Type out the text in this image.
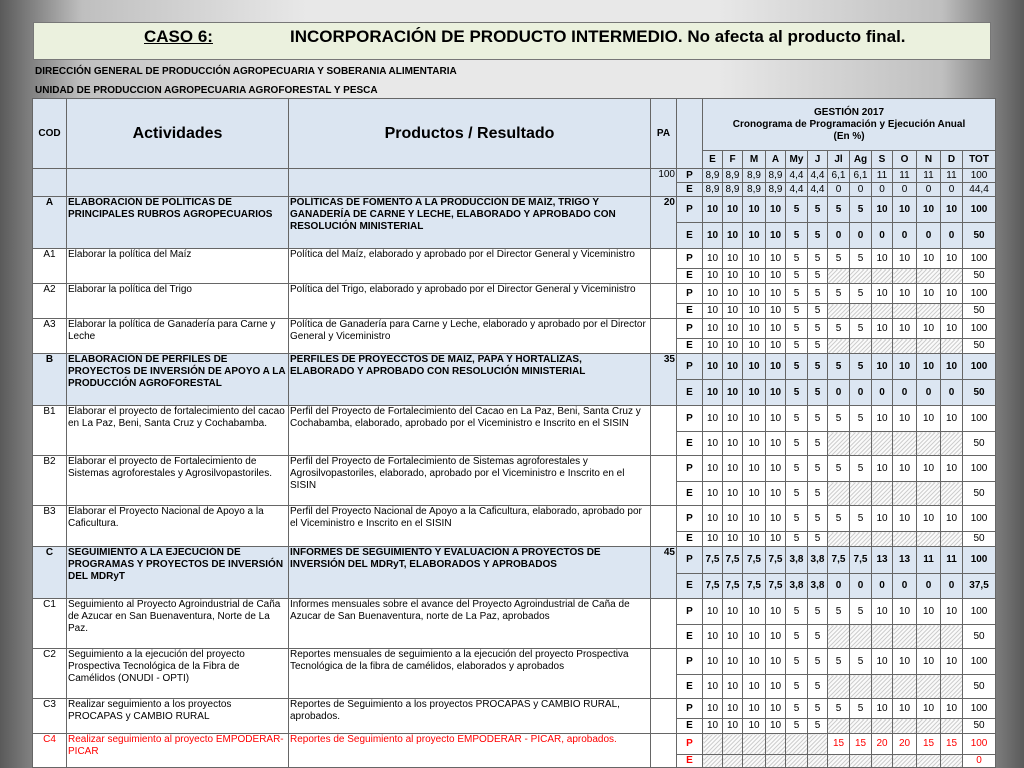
CASO 6:	INCORPORACIÓN DE PRODUCTO INTERMEDIO. No afecta al producto final.
DIRECCIÓN GENERAL DE PRODUCCIÓN AGROPECUARIA Y SOBERANIA ALIMENTARIA
UNIDAD DE PRODUCCION AGROPECUARIA AGROFORESTAL Y PESCA
COD	Actividades	Productos / Resultado	PA		GESTIÓN 2017
Cronograma de Programación y Ejecución Anual
(En %)												

					E	F	M	A	My	J	Jl	Ag	S	O	N	D	TOT
			100	P	8,9	8,9	8,9	8,9	4,4	4,4	6,1	6,1	11	11	11	11	100
				E	8,9	8,9	8,9	8,9	4,4	4,4	0	0	0	0	0	0	44,4
A	ELABORACIÓN DE POLÍTICAS DE PRINCIPALES RUBROS AGROPECUARIOS	POLÍTICAS DE FOMENTO A LA PRODUCCIÓN DE MAÍZ, TRIGO Y GANADERÍA DE CARNE Y LECHE, ELABORADO Y APROBADO CON RESOLUCIÓN MINISTERIAL	20	P	10	10	10	10	5	5	5	5	10	10	10	10	100
				E	10	10	10	10	5	5	0	0	0	0	0	0	50
A1	Elaborar la política del Maíz	Política del Maíz, elaborado y aprobado por el Director General y Viceministro		P	10	10	10	10	5	5	5	5	10	10	10	10	100
				E	10	10	10	10	5	5							50
A2	Elaborar la política del Trigo	Política del Trigo, elaborado y aprobado por el Director General y Viceministro		P	10	10	10	10	5	5	5	5	10	10	10	10	100
				E	10	10	10	10	5	5							50
A3	Elaborar la política de Ganadería para Carne y Leche	Política de Ganadería para Carne y Leche, elaborado y aprobado por el Director General y Viceministro		P	10	10	10	10	5	5	5	5	10	10	10	10	100
				E	10	10	10	10	5	5							50
B	ELABORACIÓN DE PERFILES DE PROYECTOS DE INVERSIÓN DE APOYO A LA PRODUCCIÓN AGROFORESTAL	PERFILES DE PROYECCTOS DE MAÍZ, PAPA Y HORTALIZAS, ELABORADO Y APROBADO CON RESOLUCIÓN MINISTERIAL	35	P	10	10	10	10	5	5	5	5	10	10	10	10	100
				E	10	10	10	10	5	5	0	0	0	0	0	0	50
B1	Elaborar el proyecto de fortalecimiento del cacao en La Paz, Beni, Santa Cruz y Cochabamba.	Perfil del Proyecto de Fortalecimiento del Cacao en La Paz, Beni, Santa Cruz y Cochabamba, elaborado, aprobado por el Viceministro e Inscrito en el SISIN		P	10	10	10	10	5	5	5	5	10	10	10	10	100
				E	10	10	10	10	5	5							50
B2	Elaborar el proyecto de Fortalecimiento de Sistemas agroforestales y Agrosilvopastoriles.	Perfil del Proyecto de Fortalecimiento de Sistemas agroforestales y Agrosilvopastoriles, elaborado, aprobado por el Viceministro e Inscrito en el SISIN		P	10	10	10	10	5	5	5	5	10	10	10	10	100
				E	10	10	10	10	5	5							50
B3	Elaborar el Proyecto Nacional de Apoyo a la Caficultura.	Perfil del Proyecto Nacional de Apoyo a la Caficultura, elaborado, aprobado por el Viceministro e Inscrito en el SISIN		P	10	10	10	10	5	5	5	5	10	10	10	10	100
				E	10	10	10	10	5	5							50
C	SEGUIMIENTO A LA EJECUCIÓN DE PROGRAMAS Y PROYECTOS DE INVERSIÓN DEL MDRyT	INFORMES DE SEGUIMIENTO Y EVALUACIÓN A PROYECTOS DE INVERSIÓN DEL MDRyT, ELABORADOS Y APROBADOS	45	P	7,5	7,5	7,5	7,5	3,8	3,8	7,5	7,5	13	13	11	11	100
				E	7,5	7,5	7,5	7,5	3,8	3,8	0	0	0	0	0	0	37,5
C1	Seguimiento al Proyecto Agroindustrial de Caña de Azucar en San Buenaventura, Norte de La Paz.	Informes mensuales sobre el avance del Proyecto Agroindustrial de Caña de Azucar de San Buenaventura, norte de La Paz, aprobados		P	10	10	10	10	5	5	5	5	10	10	10	10	100
				E	10	10	10	10	5	5							50
C2	Seguimiento a la ejecución del proyecto Prospectiva Tecnológica de la Fibra de Camélidos (ONUDI - OPTI)	Reportes mensuales de seguimiento a la ejecución del proyecto Prospectiva Tecnológica de la fibra de camélidos, elaborados y aprobados		P	10	10	10	10	5	5	5	5	10	10	10	10	100
				E	10	10	10	10	5	5							50
C3	Realizar seguimiento a los proyectos PROCAPAS y CAMBIO RURAL	Reportes de Seguimiento a los proyectos PROCAPAS y CAMBIO RURAL, aprobados.		P	10	10	10	10	5	5	5	5	10	10	10	10	100
				E	10	10	10	10	5	5							50
C4	Realizar seguimiento al proyecto EMPODERAR-PICAR	Reportes de Seguimiento al proyecto EMPODERAR - PICAR, aprobados.		P							15	15	20	20	15	15	100
				E													0
